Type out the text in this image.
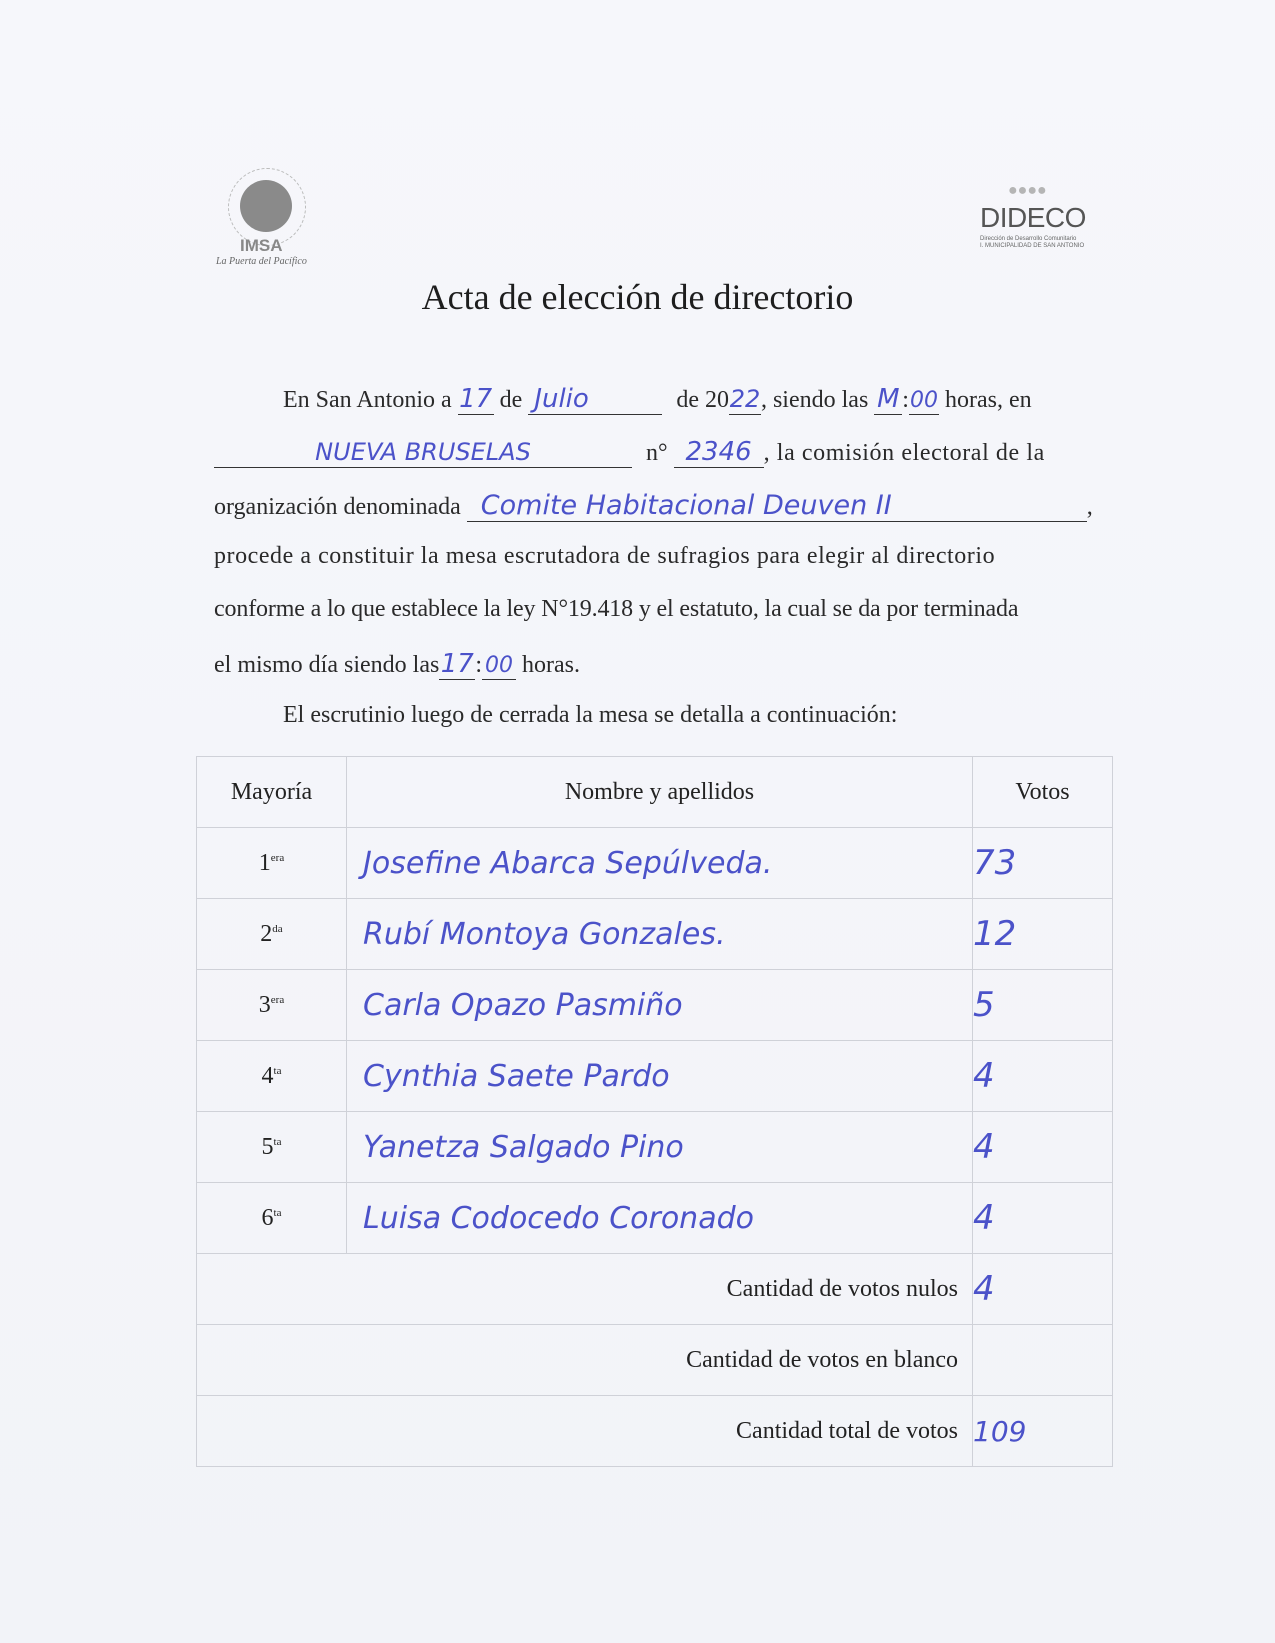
IMSA
La Puerta del Pacífico
● ● ● ●
DIDECO
Dirección de Desarrollo Comunitario
I. MUNICIPALIDAD DE SAN ANTONIO
Acta de elección de directorio
En San Antonio a 17 de Julio	de 2022, siendo las M :00 horas, en
NUEVA BRUSELAS	n° 2346 , la comisión electoral de la
organización denominada Comite Habitacional Deuven II	,
procede a constituir la mesa escrutadora de sufragios para elegir al directorio
conforme a lo que establece la ley N°19.418 y el estatuto, la cual se da por terminada
el mismo día siendo las17: 00 horas.
El escrutinio luego de cerrada la mesa se detalla a continuación:
Mayoría	Nombre y apellidos	Votos
$1^{era}$	Josefine Abarca Sepúlveda.	73
$2^{da}$	Rubí Montoya Gonzales.	12
$3^{era}$	Carla Opazo Pasmiño	5
$4^{ta}$	Cynthia Saete Pardo	4
$5^{ta}$	Yanetza Salgado Pino	4
$6^{ta}$	Luisa Codocedo Coronado	4
Cantidad de votos nulos		4
Cantidad de votos en blanco		
Cantidad total de votos		109
